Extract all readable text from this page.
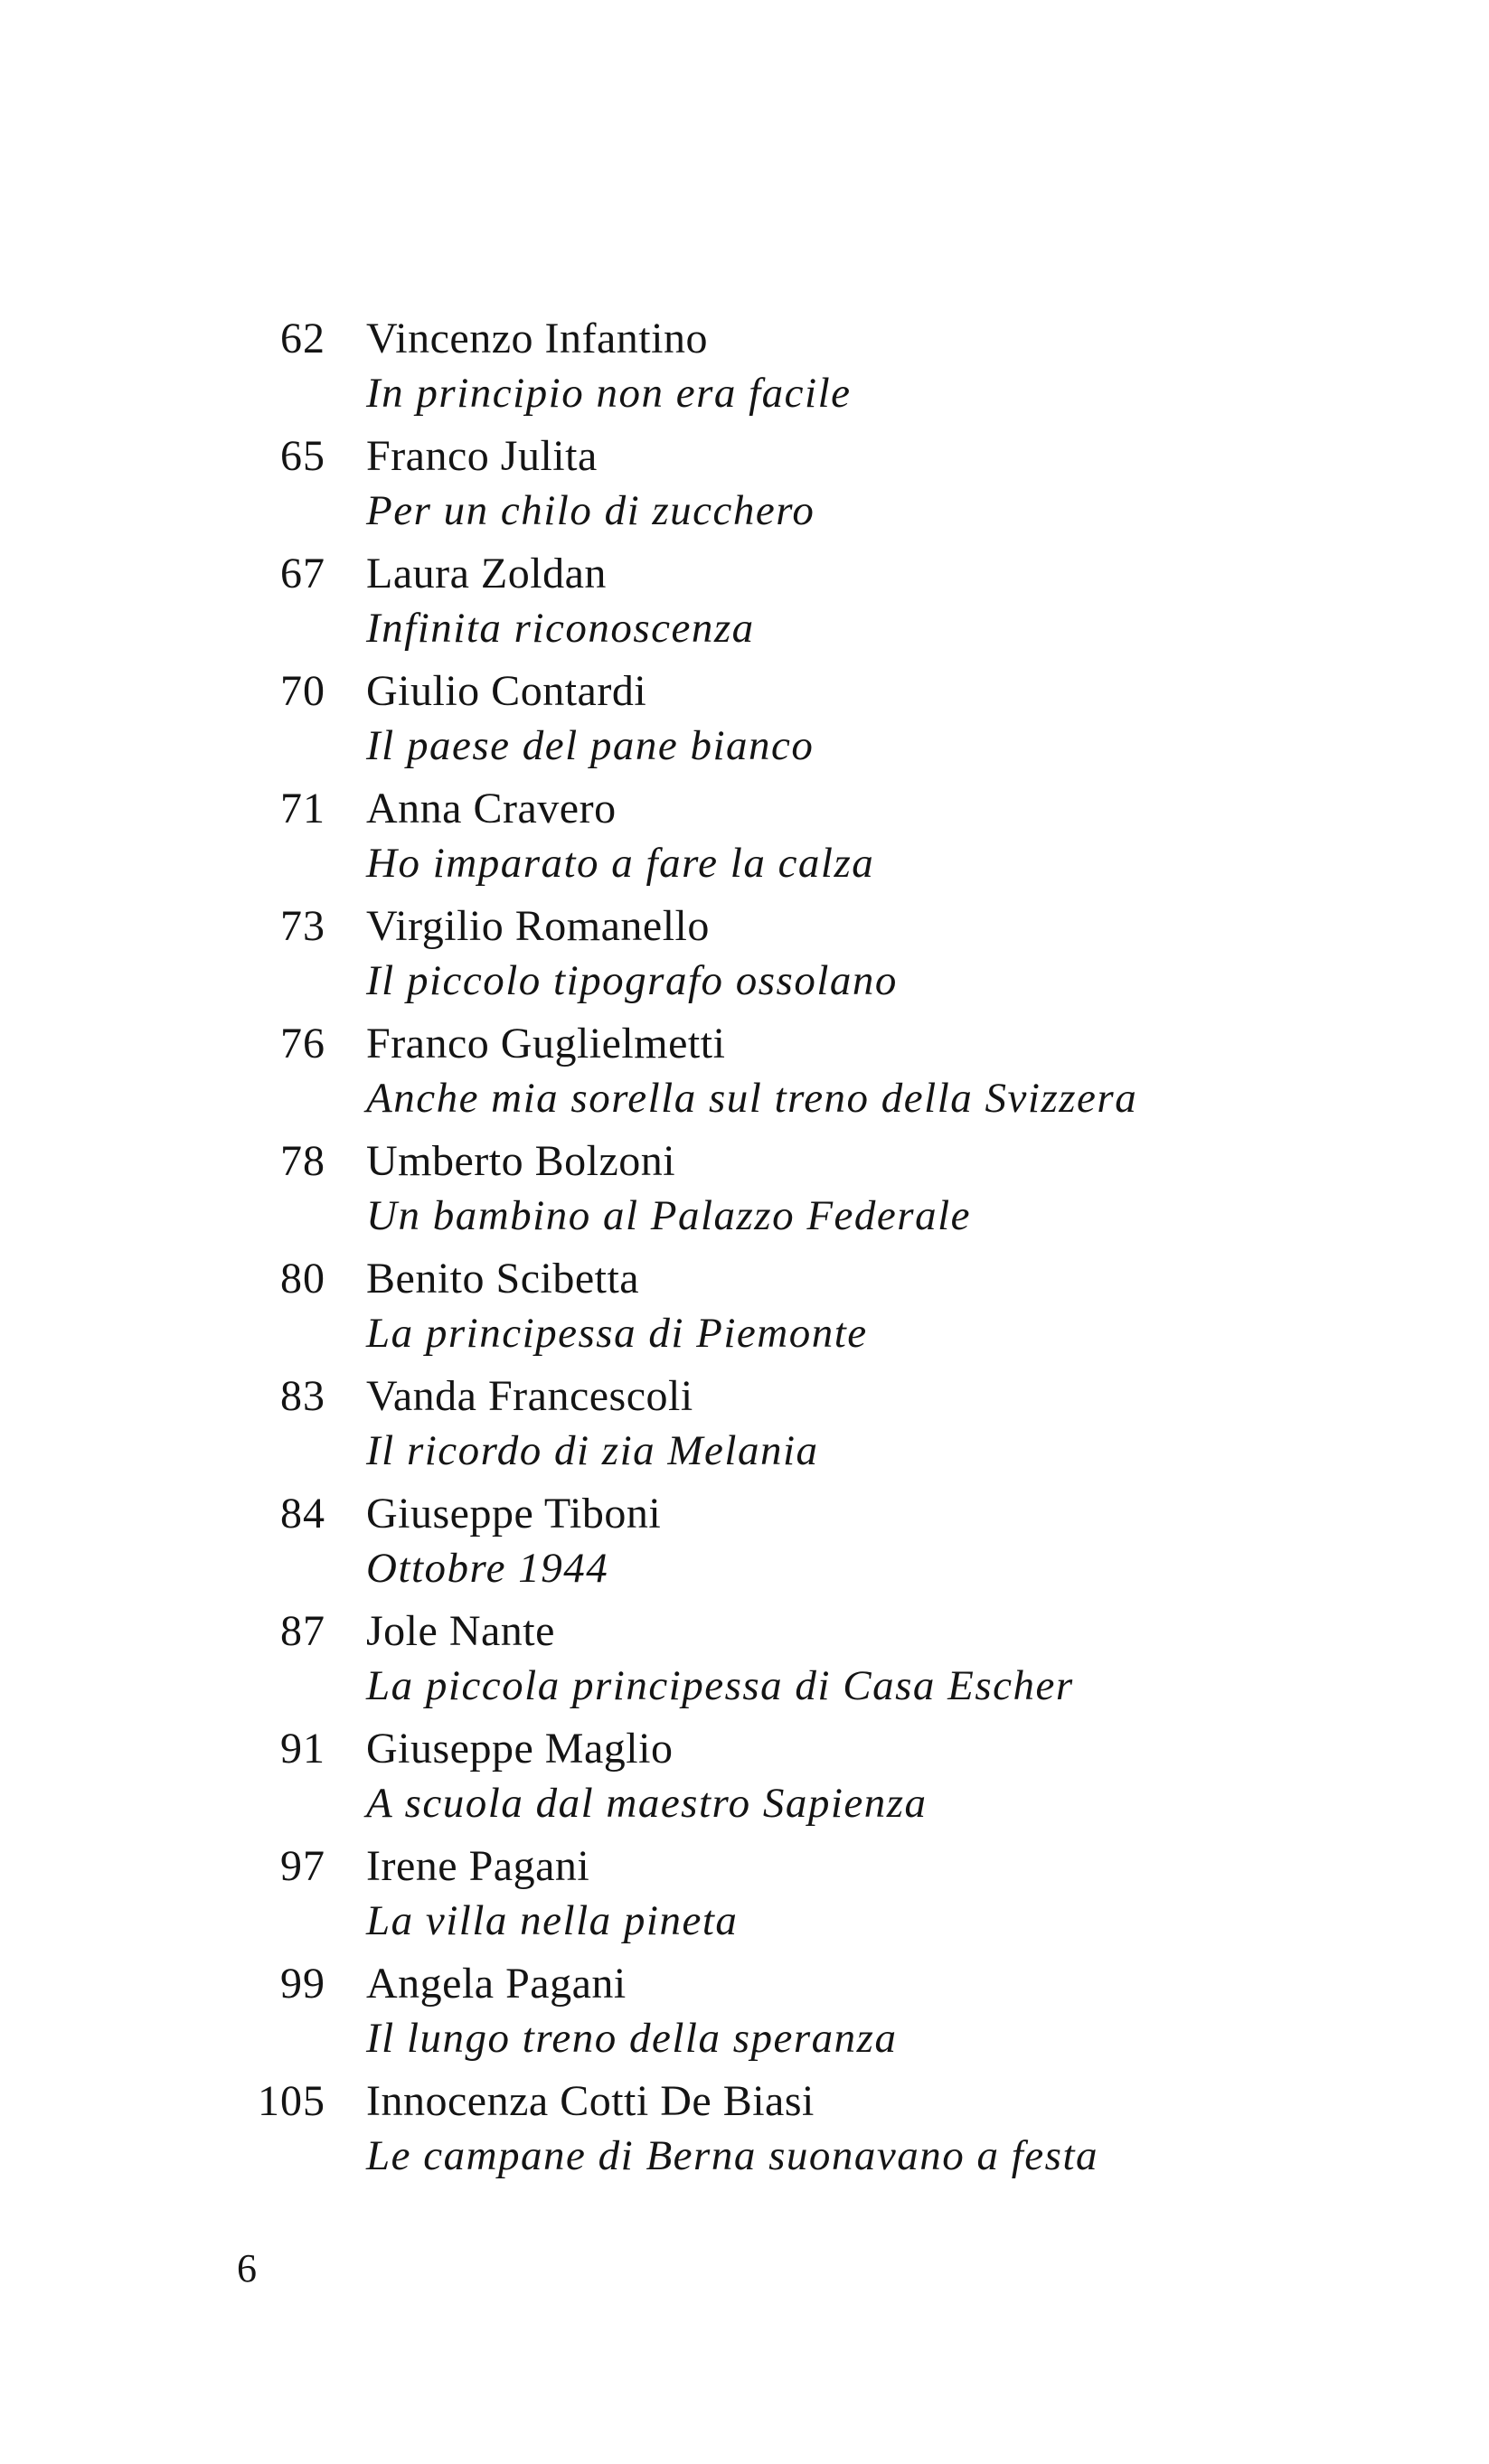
62 Vincenzo Infantino
In principio non era facile
65 Franco Julita
Per un chilo di zucchero
67 Laura Zoldan
Infinita riconoscenza
70 Giulio Contardi
Il paese del pane bianco
71 Anna Cravero
Ho imparato a fare la calza
73 Virgilio Romanello
Il piccolo tipografo ossolano
76 Franco Guglielmetti
Anche mia sorella sul treno della Svizzera
78 Umberto Bolzoni
Un bambino al Palazzo Federale
80 Benito Scibetta
La principessa di Piemonte
83 Vanda Francescoli
Il ricordo di zia Melania
84 Giuseppe Tiboni
Ottobre 1944
87 Jole Nante
La piccola principessa di Casa Escher
91 Giuseppe Maglio
A scuola dal maestro Sapienza
97 Irene Pagani
La villa nella pineta
99 Angela Pagani
Il lungo treno della speranza
105 Innocenza Cotti De Biasi
Le campane di Berna suonavano a festa
6
